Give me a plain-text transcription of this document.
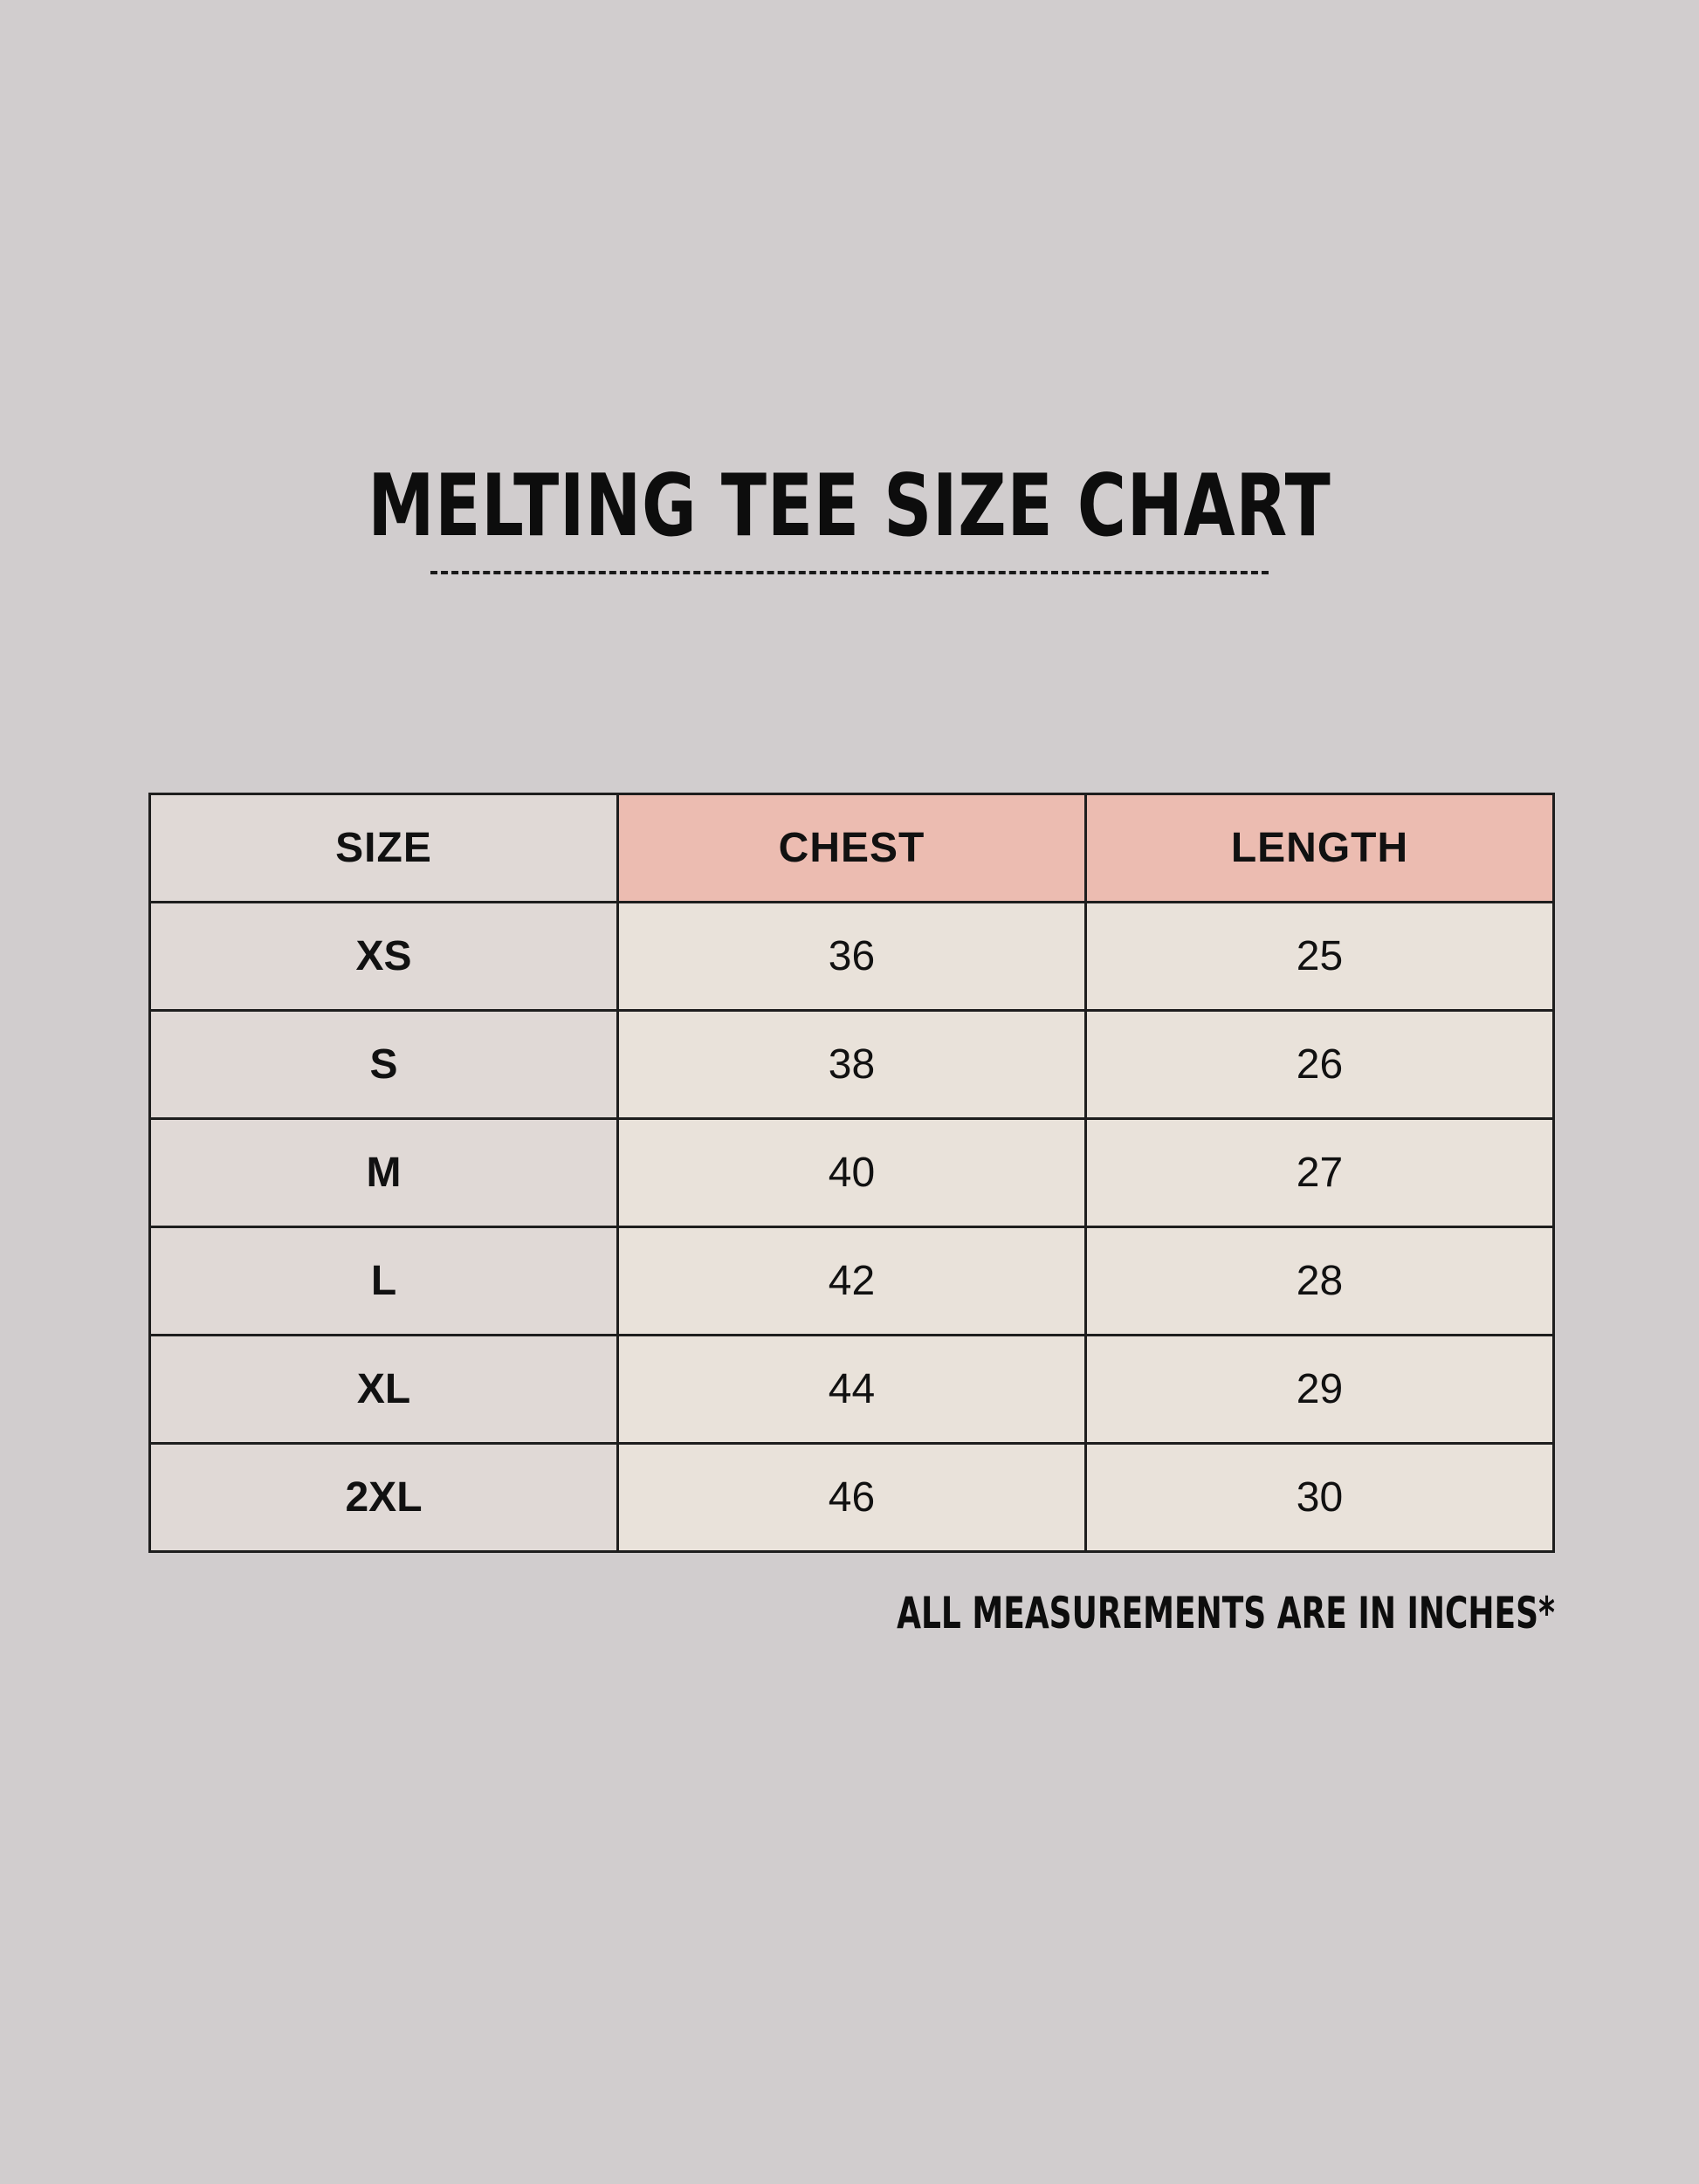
MELTING TEE SIZE CHART
SIZE	CHEST	LENGTH
XS	36	25
S	38	26
M	40	27
L	42	28
XL	44	29
2XL	46	30

ALL MEASUREMENTS ARE IN INCHES*
